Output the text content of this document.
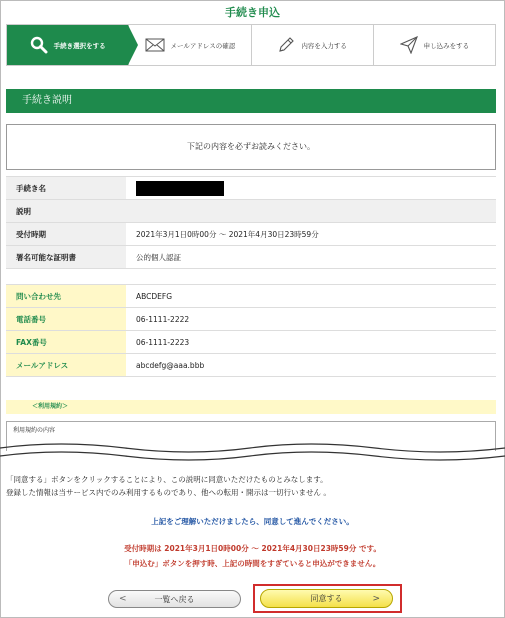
手続き申込
手続き選択をする	メールアドレスの確認	内容を入力する	申し込みをする
手続き説明
下記の内容を必ずお読みください。
手続き名	
説明	
受付時期	2021年3月1日0時00分 ～ 2021年4月30日23時59分
署名可能な証明書	公的個人認証
問い合わせ先	ABCDEFG
電話番号	06-1111-2222
FAX番号	06-1111-2223
メールアドレス	abcdefg@aaa.bbb
＜利用規約＞
利用規約の内容
「同意する」ボタンをクリックすることにより、この説明に同意いただけたものとみなします。
登録した情報は当サービス内でのみ利用するものであり、他への転用・開示は一切行いません 。
上記をご理解いただけましたら、同意して進んでください。
受付時期は 2021年3月1日0時00分 ～ 2021年4月30日23時59分 です。
「申込む」ボタンを押す時、上記の時間をすぎていると申込ができません。
<	一覧へ戻る	同意する	>
